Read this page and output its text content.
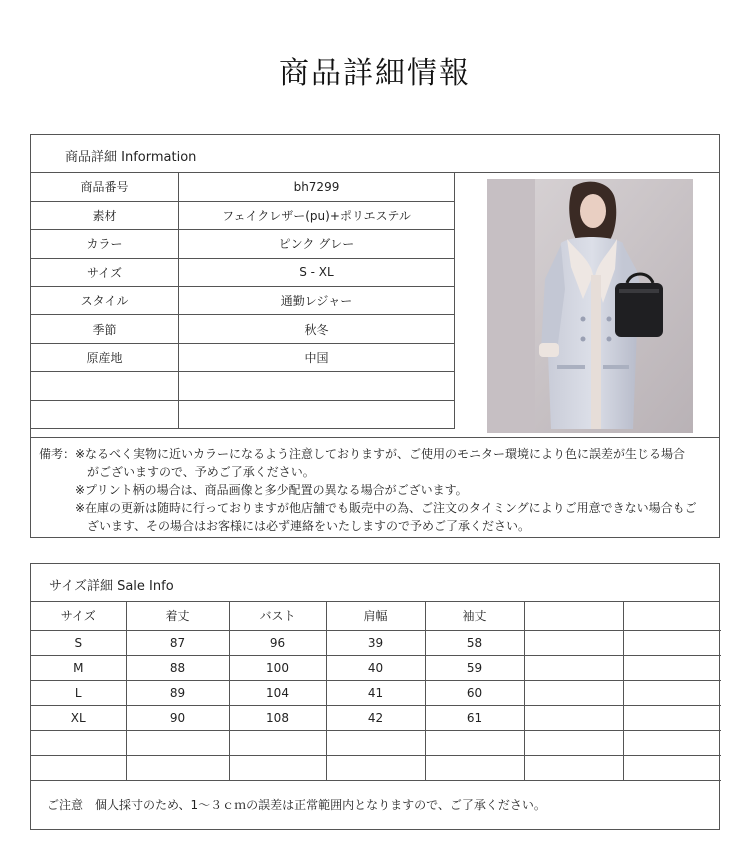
商品詳細情報
商品詳細 Information
商品番号	bh7299
素材	フェイクレザー(pu)+ポリエステル
カラー	ピンク グレー
サイズ	S - XL
スタイル	通勤レジャー
季節	秋冬
原産地	中国

備考：※なるべく実物に近いカラーになるよう注意しておりますが、ご使用のモニター環境により色に誤差が生じる場合
がございますので、予めご了承ください。
※プリント柄の場合は、商品画像と多少配置の異なる場合がございます。
※在庫の更新は随時に行っておりますが他店舗でも販売中の為、ご注文のタイミングによりご用意できない場合もご
ざいます、その場合はお客様には必ず連絡をいたしますので予めご了承ください。
サイズ詳細 Sale Info
サイズ	着丈	バスト	肩幅	袖丈		
S	87	96	39	58		
M	88	100	40	59		
L	89	104	41	60		
XL	90	108	42	61		

ご注意　個人採寸のため、1～３ｃｍの誤差は正常範囲内となりますので、ご了承ください。
